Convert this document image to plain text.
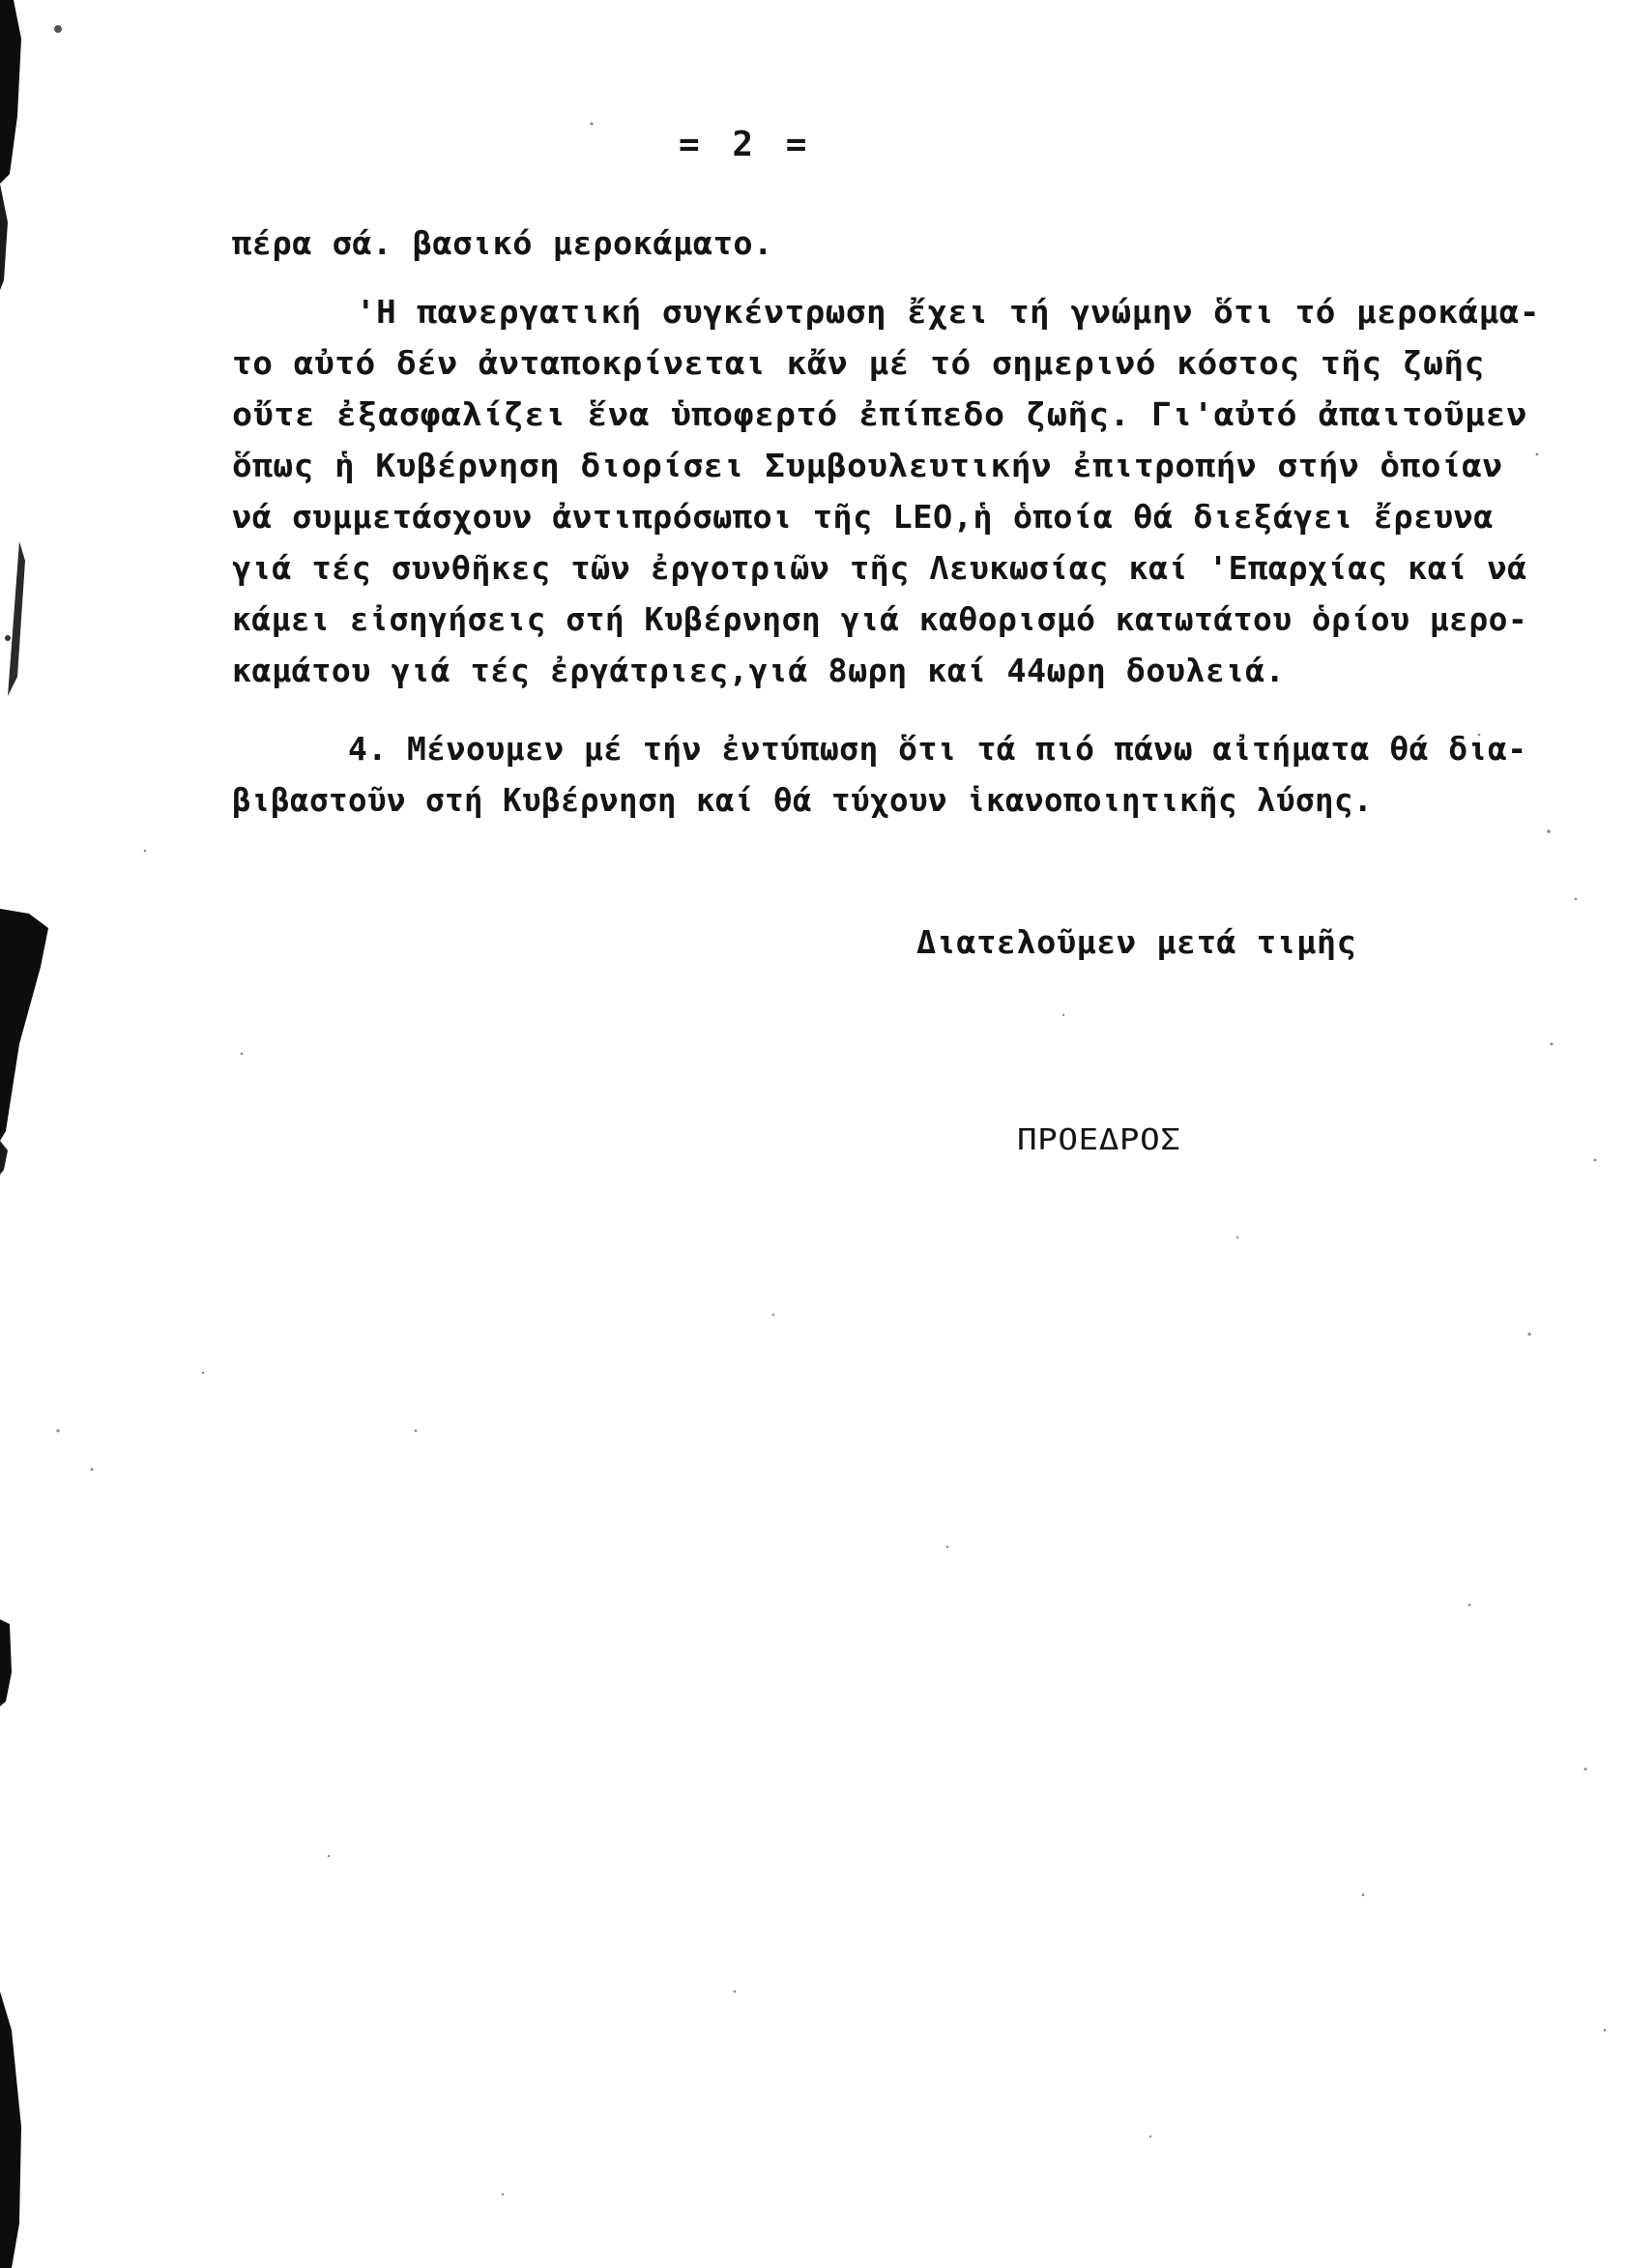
= 2 =
πέρα σά. βασικό μεροκάματο.
'Η πανεργατική συγκέντρωση ἔχει τή γνώμην ὅτι τό μεροκάμα-
το αὐτό δέν ἀνταποκρίνεται κἄν μέ τό σημερινό κόστος τῆς ζωῆς
οὔτε ἐξασφαλίζει ἕνα ὑποφερτό ἐπίπεδο ζωῆς. Γι'αὐτό ἀπαιτοῦμεν
ὅπως ἡ Κυβέρνηση διορίσει Συμβουλευτικήν ἐπιτροπήν στήν ὁποίαν
νά συμμετάσχουν ἀντιπρόσωποι τῆς LEO,ἡ ὁποία θά διεξάγει ἔρευνα
γιά τές συνθῆκες τῶν ἐργοτριῶν τῆς Λευκωσίας καί 'Επαρχίας καί νά
κάμει εἰσηγήσεις στή Κυβέρνηση γιά καθορισμό κατωτάτου ὁρίου μερο-
καμάτου γιά τές ἐργάτριες,γιά 8ωρη καί 44ωρη δουλειά.
4. Μένουμεν μέ τήν ἐντύπωση ὅτι τά πιό πάνω αἰτήματα θά δια-
βιβαστοῦν στή Κυβέρνηση καί θά τύχουν ἱκανοποιητικῆς λύσης.
Διατελοῦμεν μετά τιμῆς
ΠΡΟΕΔΡΟΣ
